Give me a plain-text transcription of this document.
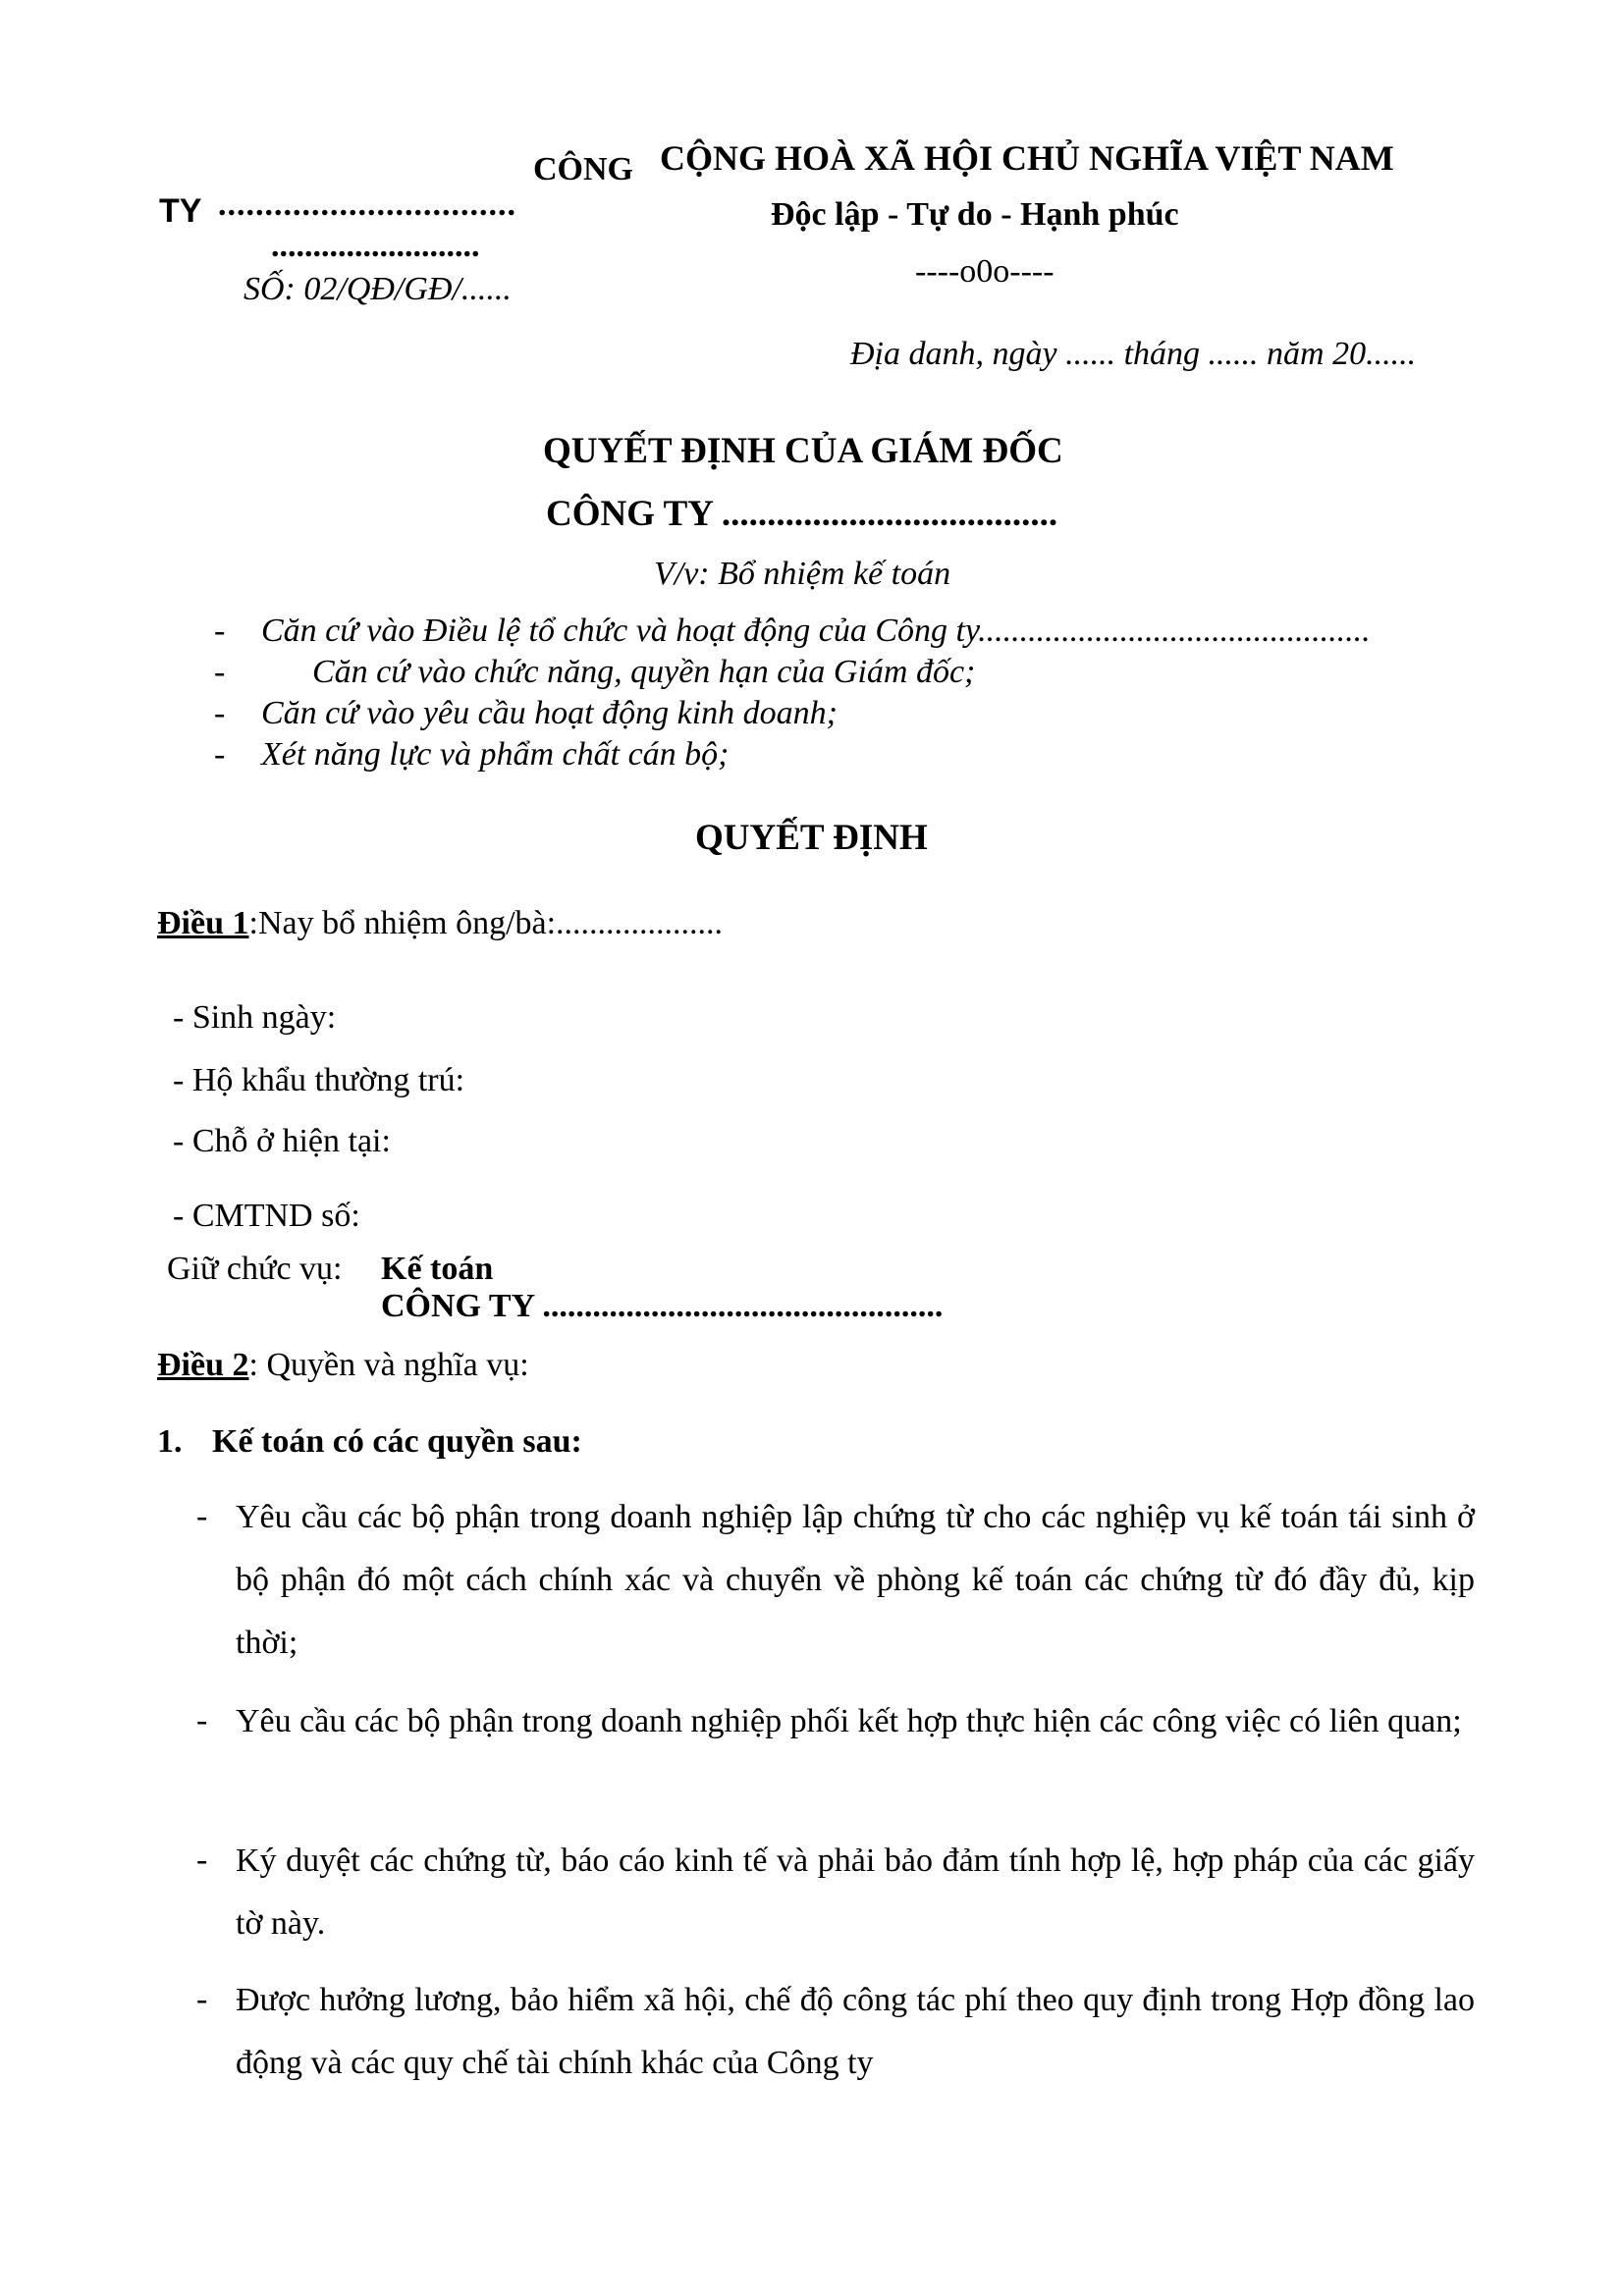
CÔNG
TY ................................
.........................
SỐ: 02/QĐ/GĐ/......
CỘNG HOÀ XÃ HỘI CHỦ NGHĨA VIỆT NAM
Độc lập - Tự do - Hạnh phúc
----o0o----
Địa danh, ngày ...... tháng ...... năm 20......
QUYẾT ĐỊNH CỦA GIÁM ĐỐC
CÔNG TY .....................................
V/v: Bổ nhiệm kế toán
- Căn cứ vào Điều lệ tổ chức và hoạt động của Công ty...............................................
-	Căn cứ vào chức năng, quyền hạn của Giám đốc;
- Căn cứ vào yêu cầu hoạt động kinh doanh;
- Xét năng lực và phẩm chất cán bộ;
QUYẾT ĐỊNH
Điều 1:Nay bổ nhiệm ông/bà:....................
- Sinh ngày:
- Hộ khẩu thường trú:
- Chỗ ở hiện tại:
- CMTND số:
Giữ chức vụ: Kế toán
CÔNG TY ................................................
Điều 2: Quyền và nghĩa vụ:
1. Kế toán có các quyền sau:
- Yêu cầu các bộ phận trong doanh nghiệp lập chứng từ cho các nghiệp vụ kế toán tái sinh ở bộ phận đó một cách chính xác và chuyển về phòng kế toán các chứng từ đó đầy đủ, kịp thời;
- Yêu cầu các bộ phận trong doanh nghiệp phối kết hợp thực hiện các công việc có liên quan;
- Ký duyệt các chứng từ, báo cáo kinh tế và phải bảo đảm tính hợp lệ, hợp pháp của các giấy tờ này.
- Được hưởng lương, bảo hiểm xã hội, chế độ công tác phí theo quy định trong Hợp đồng lao động và các quy chế tài chính khác của Công ty
